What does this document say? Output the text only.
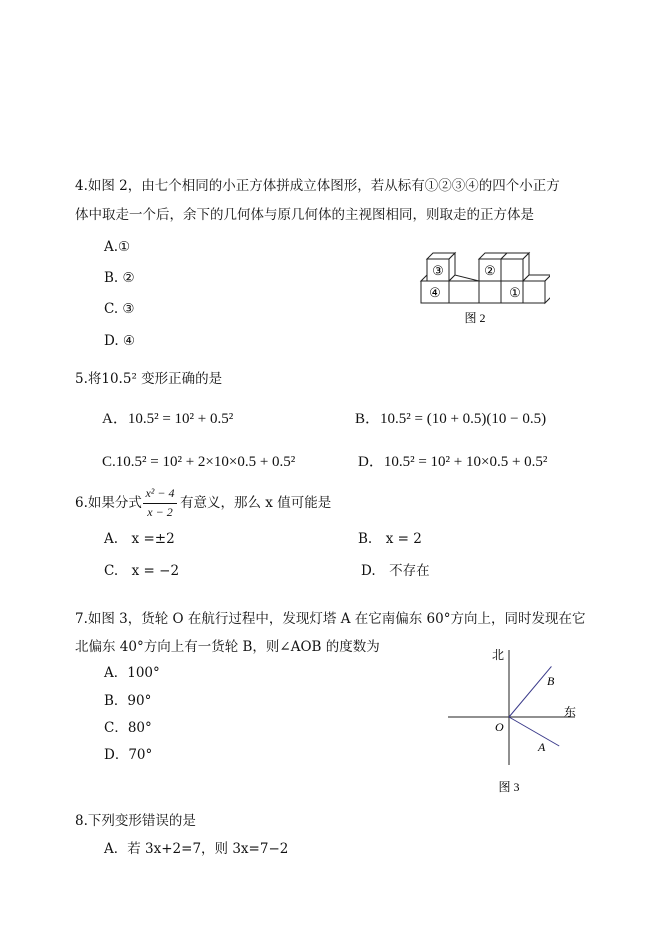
4.如图 2，由七个相同的小正方体拼成立体图形，若从标有①②③④的四个小正方
体中取走一个后，余下的几何体与原几何体的主视图相同，则取走的正方体是
A.①
B. ②
C. ③
D. ④
③	②
④	①
图 2
5.将10.5² 变形正确的是
A．10.5² = 10² + 0.5²	B．10.5² = (10 + 0.5)(10 − 0.5)
C.10.5² = 10² + 2×10×0.5 + 0.5²	D．10.5² = 10² + 10×0.5 + 0.5²
6.如果分式
x² − 4
x − 2
有意义，那么 x 值可能是
A.　x =±2	B.　x = 2
C.　x = −2	D.　不存在
7.如图 3，货轮 O 在航行过程中，发现灯塔 A 在它南偏东 60°方向上，同时发现在它
北偏东 40°方向上有一货轮 B，则∠AOB 的度数为
A．100°
B．90°
C．80°
D．70°
北
东
O
B
A
图 3
8.下列变形错误的是
A．若 3x+2=7，则 3x=7−2
